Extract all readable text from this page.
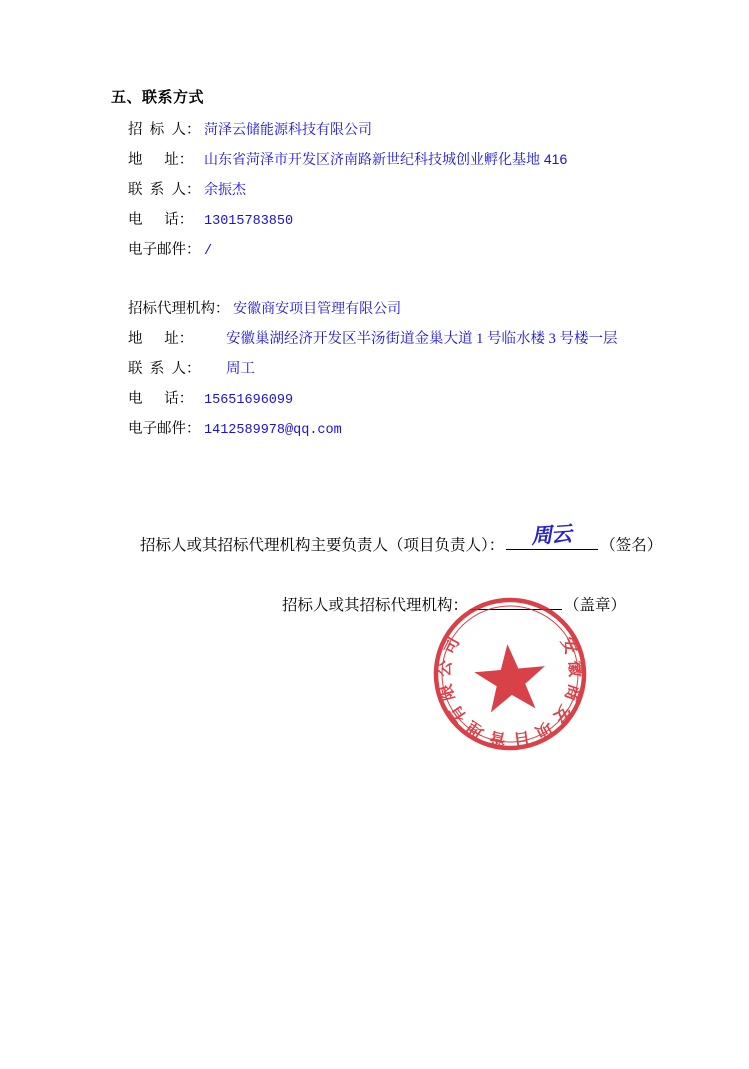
五、联系方式
招  标  人： 菏泽云储能源科技有限公司
地      址： 山东省菏泽市开发区济南路新世纪科技城创业孵化基地 416
联  系  人： 余振杰
电      话： 13015783850
电子邮件： /
招标代理机构： 安徽商安项目管理有限公司
地      址：	安徽巢湖经济开发区半汤街道金巢大道 1 号临水楼 3 号楼一层
联  系  人： 周工
电      话： 15651696099
电子邮件： 1412589978@qq.com
招标人或其招标代理机构主要负责人（项目负责人）：	（签名）
招标人或其招标代理机构：	（盖章）
周云
安徽商安项目管理有限公司
